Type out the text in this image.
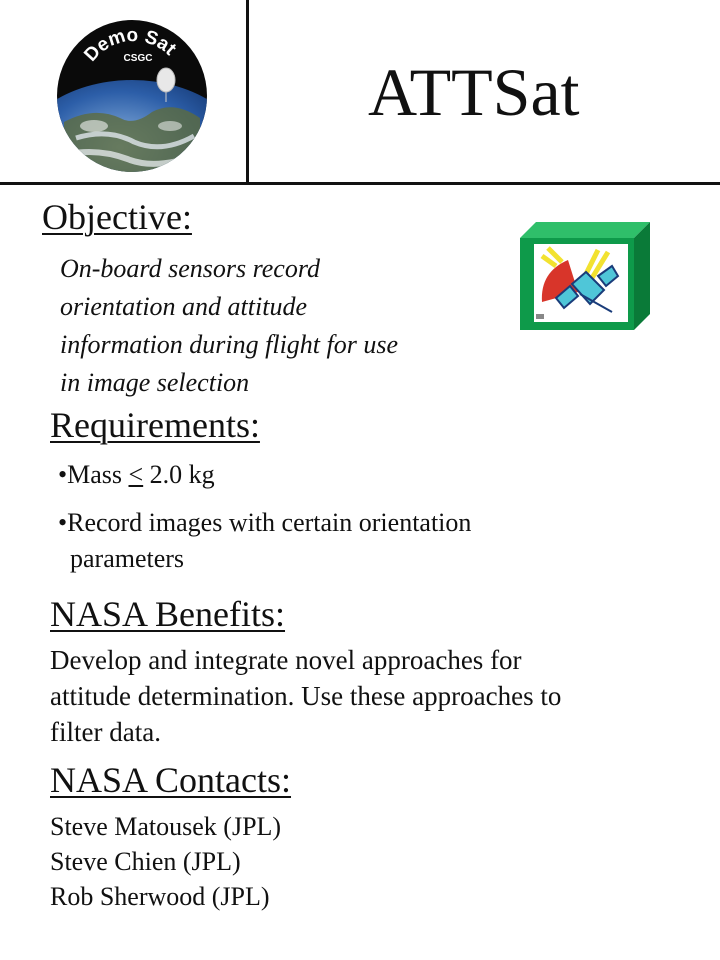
Demo Sat
CSGC	ATTSat
Objective:
On-board sensors record
orientation and attitude
information during flight for use
in image selection
Requirements:
•Mass ≤ 2.0 kg
•Record images with certain orientation
parameters
NASA Benefits:
Develop and integrate novel approaches for
attitude determination. Use these approaches to
filter data.
NASA Contacts:
Steve Matousek (JPL)
Steve Chien (JPL)
Rob Sherwood (JPL)
